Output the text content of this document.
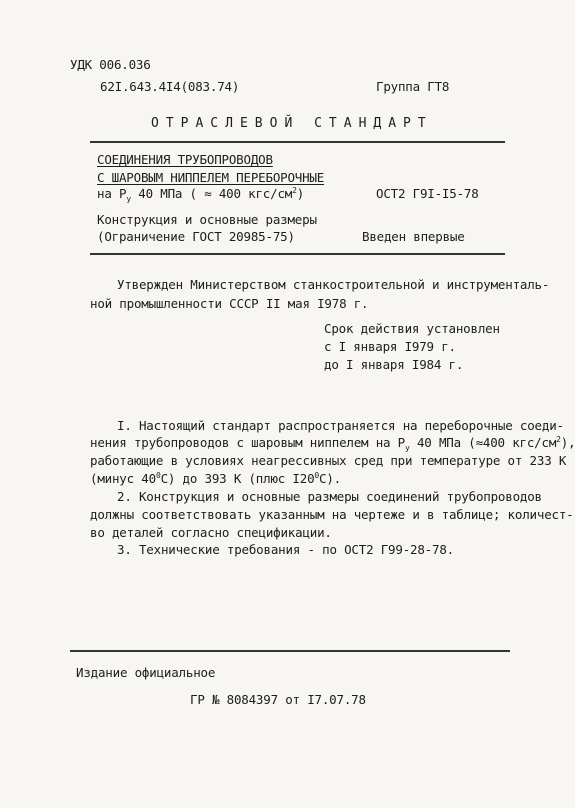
УДК 006.036
62I.643.4I4(083.74)	Группа ГТ8
ОТРАСЛЕВОЙ СТАНДАРТ
СОЕДИНЕНИЯ ТРУБОПРОВОДОВ
С ШАРОВЫМ НИППЕЛЕМ ПЕРЕБОРОЧНЫЕ
на $P_у$ 40 МПа ( ≈ 400 кгс/$см^2$)	ОСТ2 Г9I-I5-78
Конструкция и основные размеры
(Ограничение ГОСТ 20985-75)	Введен впервые
Утвержден Министерством станкостроительной и инструменталь-
ной промышленности СССР II мая I978 г.
Срок действия установлен
с I января I979 г.
до I января I984 г.
I. Настоящий стандарт распространяется на переборочные соеди-
нения трубопроводов с шаровым ниппелем на $P_у$ 40 МПа (≈400 кгс/$см^2$),
работающие в условиях неагрессивных сред при температуре от 233 К
(минус $40^0С$) до 393 К (плюс $I20^0С$).
2. Конструкция и основные размеры соединений трубопроводов
должны соответствовать указанным на чертеже и в таблице; количест-
во деталей согласно спецификации.
3. Технические требования - по ОСТ2 Г99-28-78.
Издание официальное
ГР № 8084397 от I7.07.78
